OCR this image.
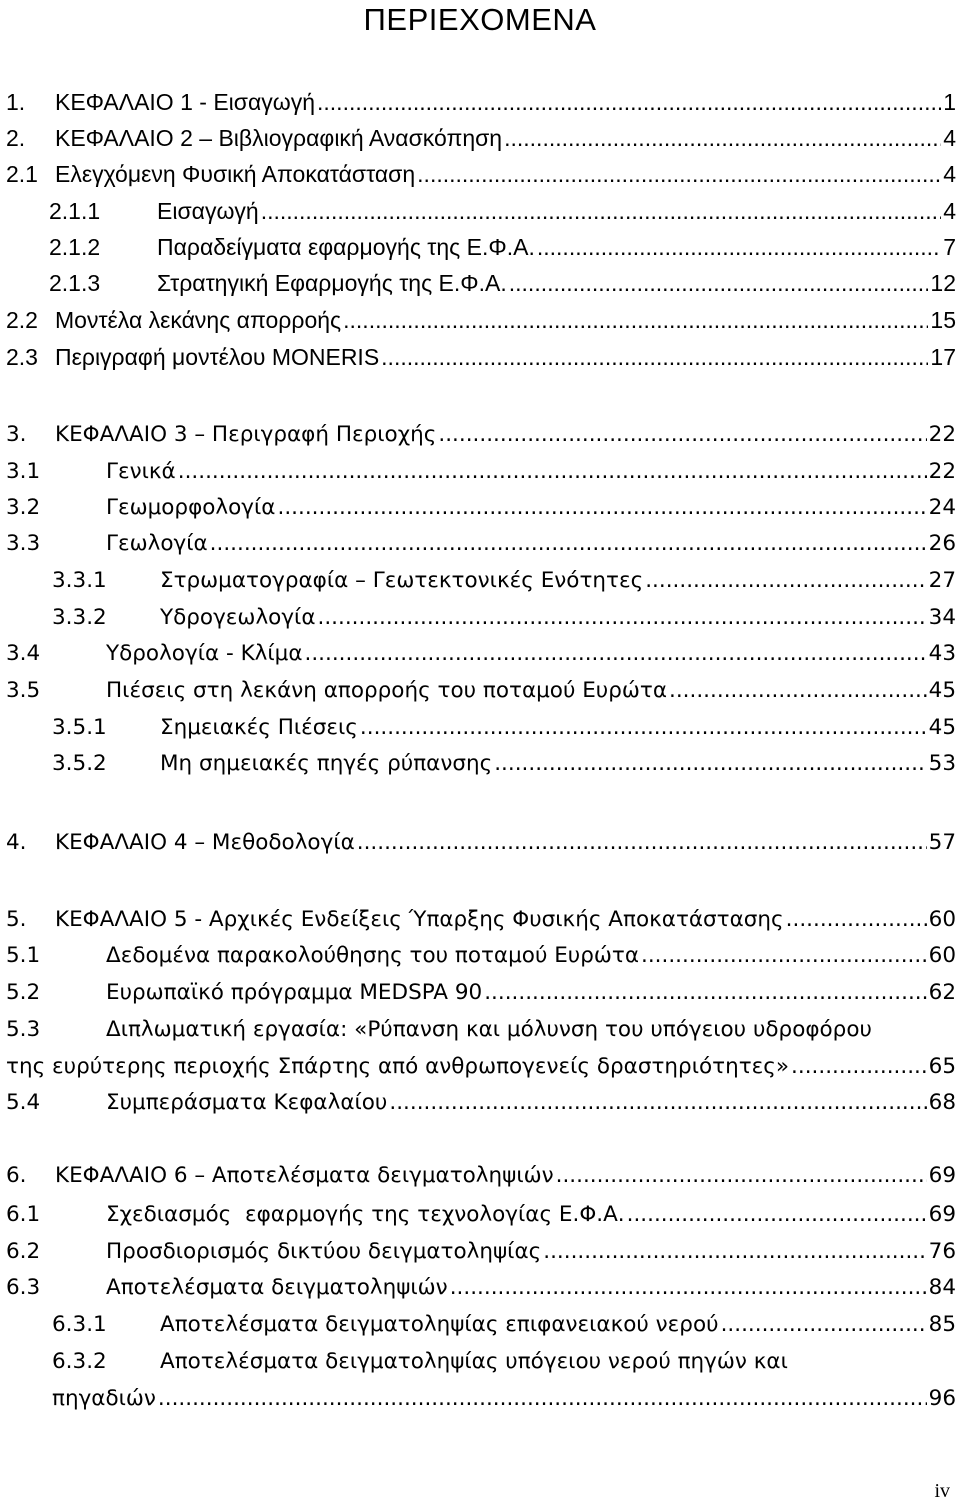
ΠΕΡΙΕΧΟΜΕΝΑ
1. ΚΕΦΑΛΑΙΟ 1 - Εισαγωγή .....	1
2. ΚΕΦΑΛΑΙΟ 2 – Βιβλιογραφική Ανασκόπηση .....	4
2.1 Ελεγχόμενη Φυσική Αποκατάσταση .....	4
2.1.1 Εισαγωγή .....	4
2.1.2 Παραδείγματα εφαρμογής της Ε.Φ.Α. .....	7
2.1.3 Στρατηγική Εφαρμογής της Ε.Φ.Α. .....	12
2.2 Μοντέλα λεκάνης απορροής .....	15
2.3 Περιγραφή μοντέλου MONERIS .....	17
3. ΚΕΦΑΛΑΙΟ 3 – Περιγραφή Περιοχής .....	22
3.1	Γενικά .....	22
3.2	Γεωμορφολογία .....	24
3.3	Γεωλογία .....	26
3.3.1 Στρωματογραφία – Γεωτεκτονικές Ενότητες .....	27
3.3.2 Υδρογεωλογία .....	34
3.4	Υδρολογία - Κλίμα .....	43
3.5	Πιέσεις στη λεκάνη απορροής του ποταμού Ευρώτα .....	45
3.5.1 Σημειακές Πιέσεις .....	45
3.5.2 Μη σημειακές πηγές ρύπανσης .....	53
4. ΚΕΦΑΛΑΙΟ 4 – Μεθοδολογία .....	57
5. ΚΕΦΑΛΑΙΟ 5 - Αρχικές Ενδείξεις Ύπαρξης Φυσικής Αποκατάστασης .....	60
5.1	Δεδομένα παρακολούθησης του ποταμού Ευρώτα .....	60
5.2	Ευρωπαϊκό πρόγραμμα MEDSPA 90 .....	62
5.3	Διπλωματική εργασία: «Ρύπανση και μόλυνση του υπόγειου υδροφόρου
της ευρύτερης περιοχής Σπάρτης από ανθρωπογενείς δραστηριότητες» .....	65
5.4	Συμπεράσματα Κεφαλαίου .....	68
6. ΚΕΦΑΛΑΙΟ 6 – Αποτελέσματα δειγματοληψιών .....	69
6.1	Σχεδιασμός  εφαρμογής της τεχνολογίας Ε.Φ.Α. .....	69
6.2	Προσδιορισμός δικτύου δειγματοληψίας .....	76
6.3	Αποτελέσματα δειγματοληψιών .....	84
6.3.1 Αποτελέσματα δειγματοληψίας επιφανειακού νερού .....	85
6.3.2 Αποτελέσματα δειγματοληψίας υπόγειου νερού πηγών και
πηγαδιών .....	96
iv
